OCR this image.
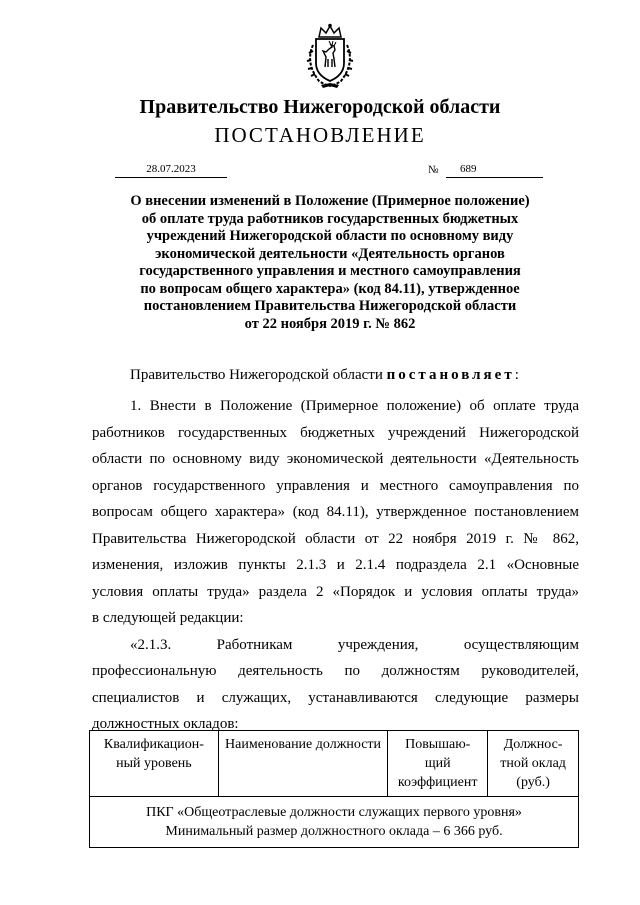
Правительство Нижегородской области
ПОСТАНОВЛЕНИЕ
28.07.2023	№	689
О внесении изменений в Положение (Примерное положение)
об оплате труда работников государственных бюджетных
учреждений Нижегородской области по основному виду
экономической деятельности «Деятельность органов
государственного управления и местного самоуправления
по вопросам общего характера» (код 84.11), утвержденное
постановлением Правительства Нижегородской области
от 22 ноября 2019 г. № 862
Правительство Нижегородской области постановляет:
1. Внести в Положение (Примерное положение) об оплате труда
работников государственных бюджетных учреждений Нижегородской
области по основному виду экономической деятельности «Деятельность
органов государственного управления и местного самоуправления по
вопросам общего характера» (код 84.11), утвержденное постановлением
Правительства Нижегородской области от 22 ноября 2019 г. № 862,
изменения, изложив пункты 2.1.3 и 2.1.4 подраздела 2.1 «Основные
условия оплаты труда» раздела 2 «Порядок и условия оплаты труда»
в следующей редакции:
«2.1.3. Работникам учреждения, осуществляющим
профессиональную деятельность по должностям руководителей,
специалистов и служащих, устанавливаются следующие размеры
должностных окладов:
Квалификацион- ный уровень	Наименование должности	Повышаю- щий коэффициент	Должнос- тной оклад (руб.)

ПКГ «Общеотраслевые должности служащих первого уровня»
Минимальный размер должностного оклада – 6 366 руб.
